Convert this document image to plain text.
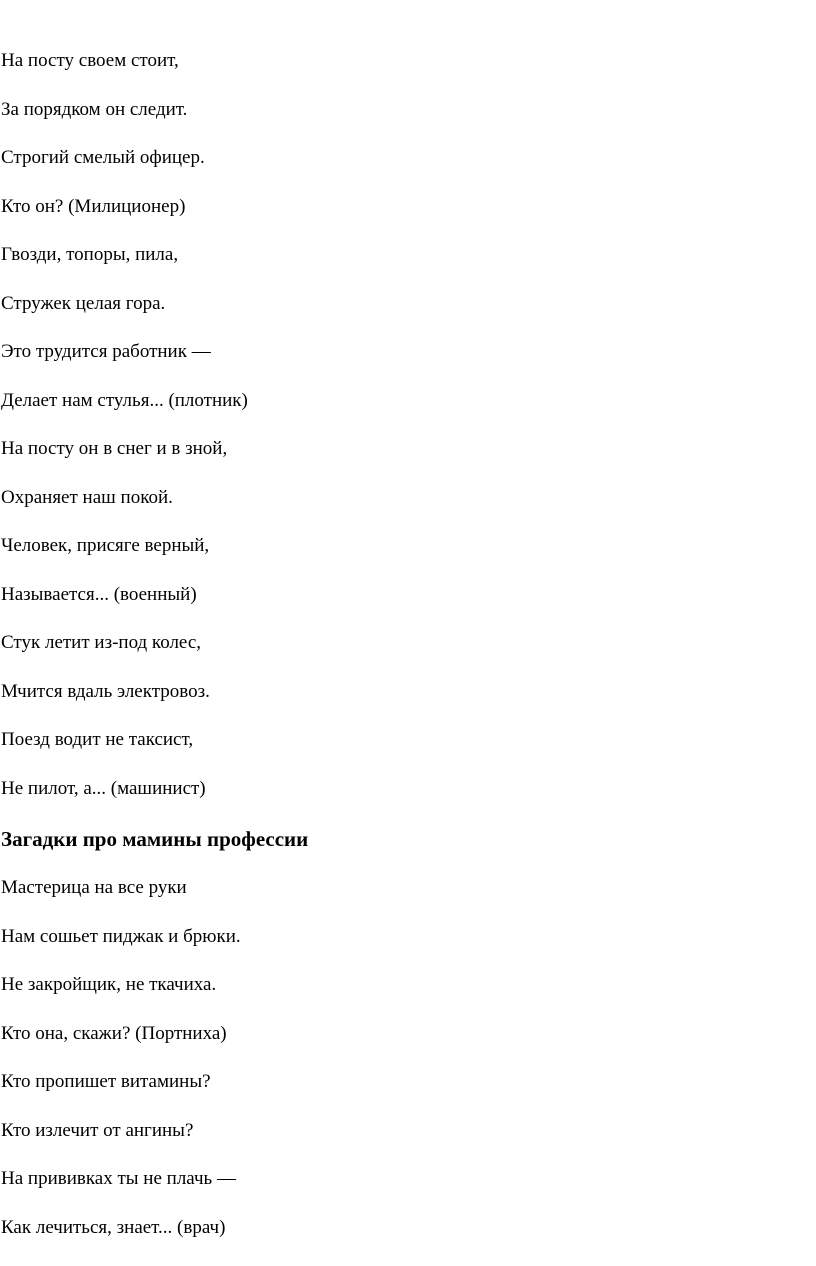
На посту своем стоит,
За порядком он следит.
Строгий смелый офицер.
Кто он? (Милиционер)
Гвозди, топоры, пила,
Стружек целая гора.
Это трудится работник —
Делает нам стулья... (плотник)
На посту он в снег и в зной,
Охраняет наш покой.
Человек, присяге верный,
Называется... (военный)
Стук летит из-под колес,
Мчится вдаль электровоз.
Поезд водит не таксист,
Не пилот, а... (машинист)
Загадки про мамины профессии
Мастерица на все руки
Нам сошьет пиджак и брюки.
Не закройщик, не ткачиха.
Кто она, скажи? (Портниха)
Кто пропишет витамины?
Кто излечит от ангины?
На прививках ты не плачь —
Как лечиться, знает... (врач)
